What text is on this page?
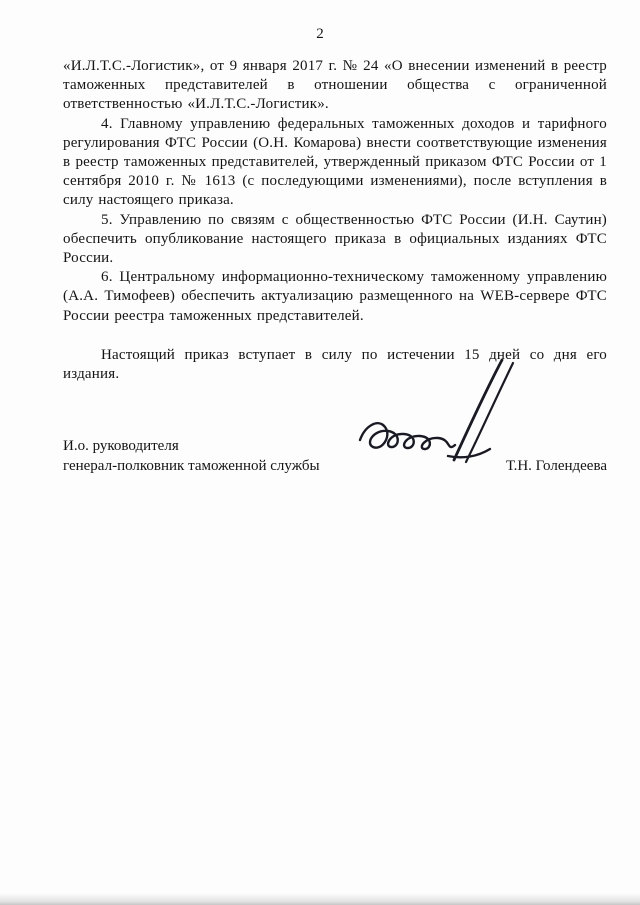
2

«И.Л.Т.С.-Логистик», от 9 января 2017 г. № 24 «О внесении изменений в реестр таможенных представителей в отношении общества с ограниченной ответственностью «И.Л.Т.С.-Логистик».

4. Главному управлению федеральных таможенных доходов и тарифного регулирования ФТС России (О.Н. Комарова) внести соответствующие изменения в реестр таможенных представителей, утвержденный приказом ФТС России от 1 сентября 2010 г. № 1613 (с последующими изменениями), после вступления в силу настоящего приказа.

5. Управлению по связям с общественностью ФТС России (И.Н. Саутин) обеспечить опубликование настоящего приказа в официальных изданиях ФТС России.

6. Центральному информационно-техническому таможенному управлению (А.А. Тимофеев) обеспечить актуализацию размещенного на WEB-сервере ФТС России реестра таможенных представителей.

Настоящий приказ вступает в силу по истечении 15 дней со дня его издания.

И.о. руководителя
генерал-полковник таможенной службы	Т.Н. Голендеева
